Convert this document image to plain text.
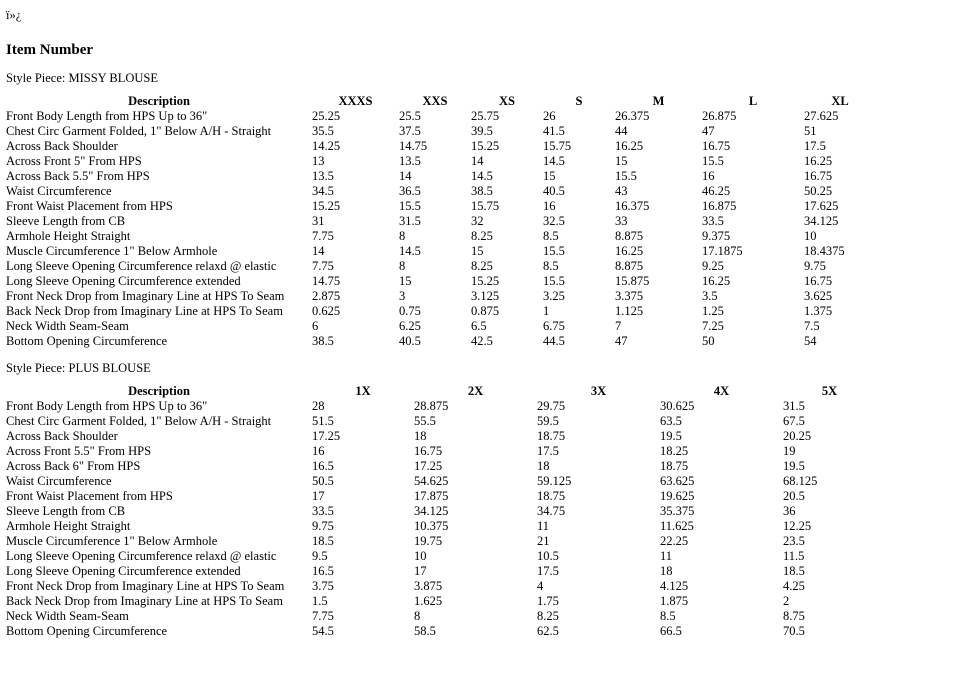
ï»¿
Item Number
Style Piece: MISSY BLOUSE
Description	XXXS	XXS	XS	S	M	L	XL
Front Body Length from HPS Up to 36"	25.25	25.5	25.75	26	26.375	26.875	27.625
Chest Circ Garment Folded, 1" Below A/H - Straight	35.5	37.5	39.5	41.5	44	47	51
Across Back Shoulder	14.25	14.75	15.25	15.75	16.25	16.75	17.5
Across Front 5" From HPS	13	13.5	14	14.5	15	15.5	16.25
Across Back 5.5" From HPS	13.5	14	14.5	15	15.5	16	16.75
Waist Circumference	34.5	36.5	38.5	40.5	43	46.25	50.25
Front Waist Placement from HPS	15.25	15.5	15.75	16	16.375	16.875	17.625
Sleeve Length from CB	31	31.5	32	32.5	33	33.5	34.125
Armhole Height Straight	7.75	8	8.25	8.5	8.875	9.375	10
Muscle Circumference 1" Below Armhole	14	14.5	15	15.5	16.25	17.1875	18.4375
Long Sleeve Opening Circumference relaxd @ elastic	7.75	8	8.25	8.5	8.875	9.25	9.75
Long Sleeve Opening Circumference extended	14.75	15	15.25	15.5	15.875	16.25	16.75
Front Neck Drop from Imaginary Line at HPS To Seam	2.875	3	3.125	3.25	3.375	3.5	3.625
Back Neck Drop from Imaginary Line at HPS To Seam	0.625	0.75	0.875	1	1.125	1.25	1.375
Neck Width Seam-Seam	6	6.25	6.5	6.75	7	7.25	7.5
Bottom Opening Circumference	38.5	40.5	42.5	44.5	47	50	54
Style Piece: PLUS BLOUSE
Description	1X	2X	3X	4X	5X
Front Body Length from HPS Up to 36"	28	28.875	29.75	30.625	31.5
Chest Circ Garment Folded, 1" Below A/H - Straight	51.5	55.5	59.5	63.5	67.5
Across Back Shoulder	17.25	18	18.75	19.5	20.25
Across Front 5.5" From HPS	16	16.75	17.5	18.25	19
Across Back 6" From HPS	16.5	17.25	18	18.75	19.5
Waist Circumference	50.5	54.625	59.125	63.625	68.125
Front Waist Placement from HPS	17	17.875	18.75	19.625	20.5
Sleeve Length from CB	33.5	34.125	34.75	35.375	36
Armhole Height Straight	9.75	10.375	11	11.625	12.25
Muscle Circumference 1" Below Armhole	18.5	19.75	21	22.25	23.5
Long Sleeve Opening Circumference relaxd @ elastic	9.5	10	10.5	11	11.5
Long Sleeve Opening Circumference extended	16.5	17	17.5	18	18.5
Front Neck Drop from Imaginary Line at HPS To Seam	3.75	3.875	4	4.125	4.25
Back Neck Drop from Imaginary Line at HPS To Seam	1.5	1.625	1.75	1.875	2
Neck Width Seam-Seam	7.75	8	8.25	8.5	8.75
Bottom Opening Circumference	54.5	58.5	62.5	66.5	70.5
